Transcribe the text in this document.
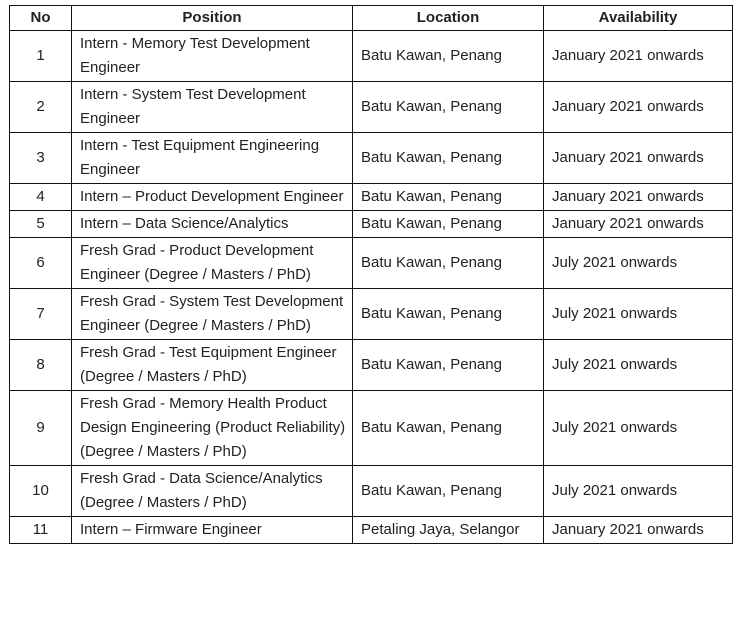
No	Position	Location	Availability
1	Intern - Memory Test Development Engineer	Batu Kawan, Penang	January 2021 onwards
2	Intern - System Test Development Engineer	Batu Kawan, Penang	January 2021 onwards
3	Intern - Test Equipment Engineering Engineer	Batu Kawan, Penang	January 2021 onwards
4	Intern – Product Development Engineer	Batu Kawan, Penang	January 2021 onwards
5	Intern – Data Science/Analytics	Batu Kawan, Penang	January 2021 onwards
6	Fresh Grad - Product Development Engineer (Degree / Masters / PhD)	Batu Kawan, Penang	July 2021 onwards
7	Fresh Grad - System Test Development Engineer (Degree / Masters / PhD)	Batu Kawan, Penang	July 2021 onwards
8	Fresh Grad - Test Equipment Engineer (Degree / Masters / PhD)	Batu Kawan, Penang	July 2021 onwards
9	Fresh Grad - Memory Health Product Design Engineering (Product Reliability) (Degree / Masters / PhD)	Batu Kawan, Penang	July 2021 onwards
10	Fresh Grad - Data Science/Analytics (Degree / Masters / PhD)	Batu Kawan, Penang	July 2021 onwards
11	Intern – Firmware Engineer	Petaling Jaya, Selangor	January 2021 onwards
